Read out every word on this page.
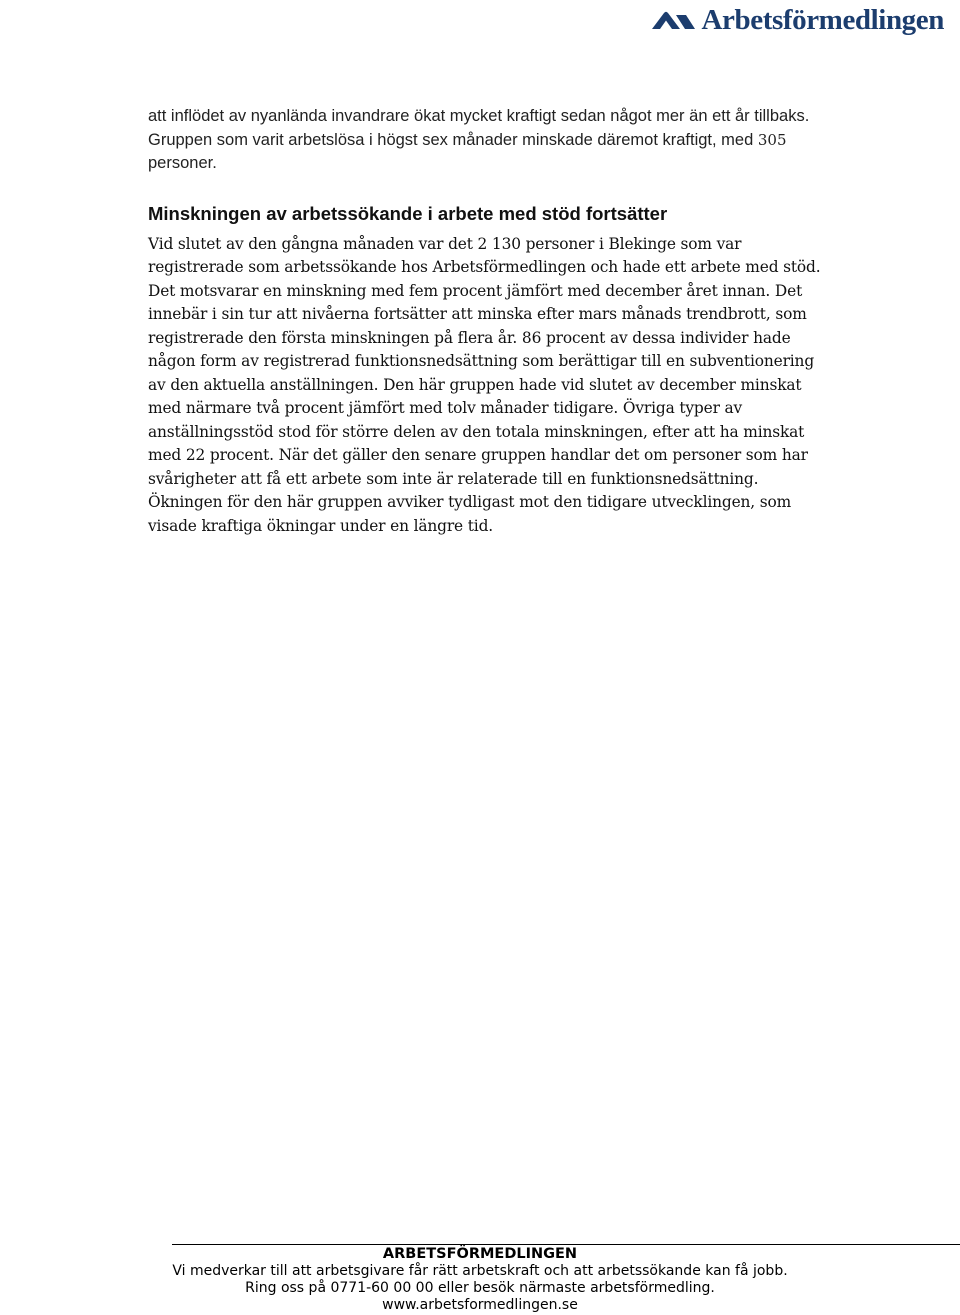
Arbetsförmedlingen

att inflödet av nyanlända invandrare ökat mycket kraftigt sedan något mer än ett år tillbaks. Gruppen som varit arbetslösa i högst sex månader minskade däremot kraftigt, med 305 personer.

Minskningen av arbetssökande i arbete med stöd fortsätter

Vid slutet av den gångna månaden var det 2 130 personer i Blekinge som var registrerade som arbetssökande hos Arbetsförmedlingen och hade ett arbete med stöd. Det motsvarar en minskning med fem procent jämfört med december året innan. Det innebär i sin tur att nivåerna fortsätter att minska efter mars månads trendbrott, som registrerade den första minskningen på flera år. 86 procent av dessa individer hade någon form av registrerad funktionsnedsättning som berättigar till en subventionering av den aktuella anställningen. Den här gruppen hade vid slutet av december minskat med närmare två procent jämfört med tolv månader tidigare. Övriga typer av anställningsstöd stod för större delen av den totala minskningen, efter att ha minskat med 22 procent. När det gäller den senare gruppen handlar det om personer som har svårigheter att få ett arbete som inte är relaterade till en funktionsnedsättning. Ökningen för den här gruppen avviker tydligast mot den tidigare utvecklingen, som visade kraftiga ökningar under en längre tid.

ARBETSFÖRMEDLINGEN
Vi medverkar till att arbetsgivare får rätt arbetskraft och att arbetssökande kan få jobb.
Ring oss på 0771-60 00 00 eller besök närmaste arbetsförmedling.
www.arbetsformedlingen.se
